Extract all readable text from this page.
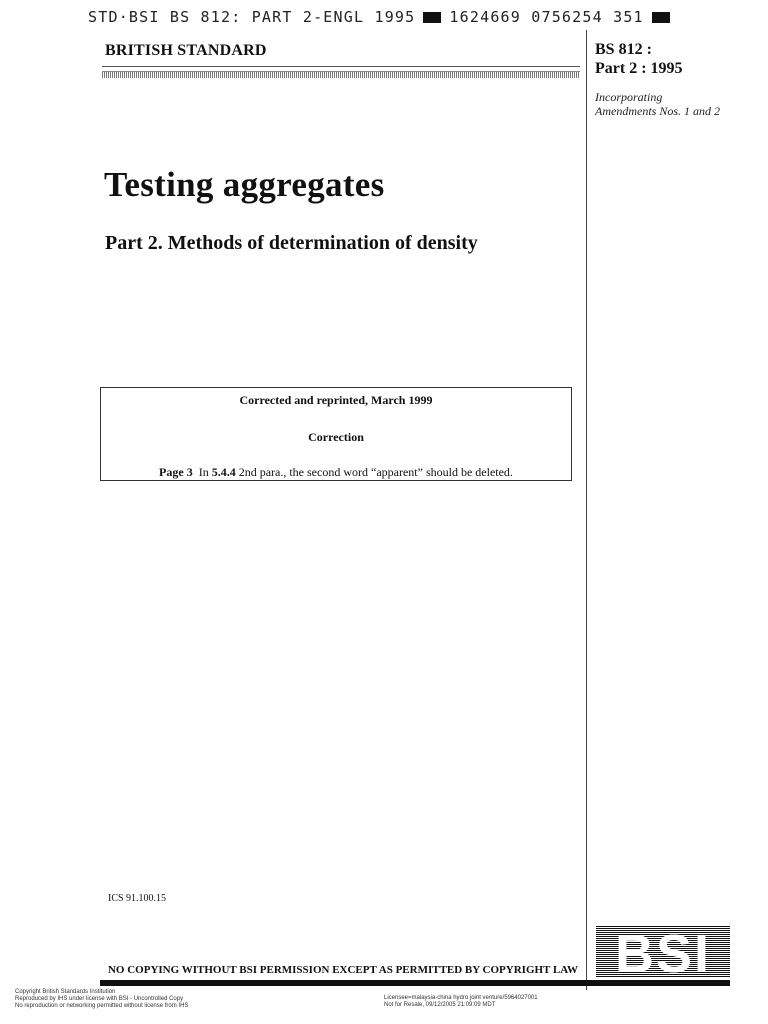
STD·BSI BS 812: PART 2-ENGL 1995 1624669 0756254 351
BRITISH STANDARD	BS 812 :
Part 2 : 1995
Incorporating Amendments Nos. 1 and 2
Testing aggregates
Part 2. Methods of determination of density
Corrected and reprinted, March 1999
Correction
Page 3 In 5.4.4 2nd para., the second word “apparent” should be deleted.
ICS 91.100.15
BSI
NO COPYING WITHOUT BSI PERMISSION EXCEPT AS PERMITTED BY COPYRIGHT LAW
Copyright British Standards Institution
Reproduced by IHS under license with BSI - Uncontrolled Copy
No reproduction or networking permitted without license from IHS
Licensee=malaysia-china hydro joint venture/5964027001
Not for Resale, 09/12/2005 21:09:09 MDT
